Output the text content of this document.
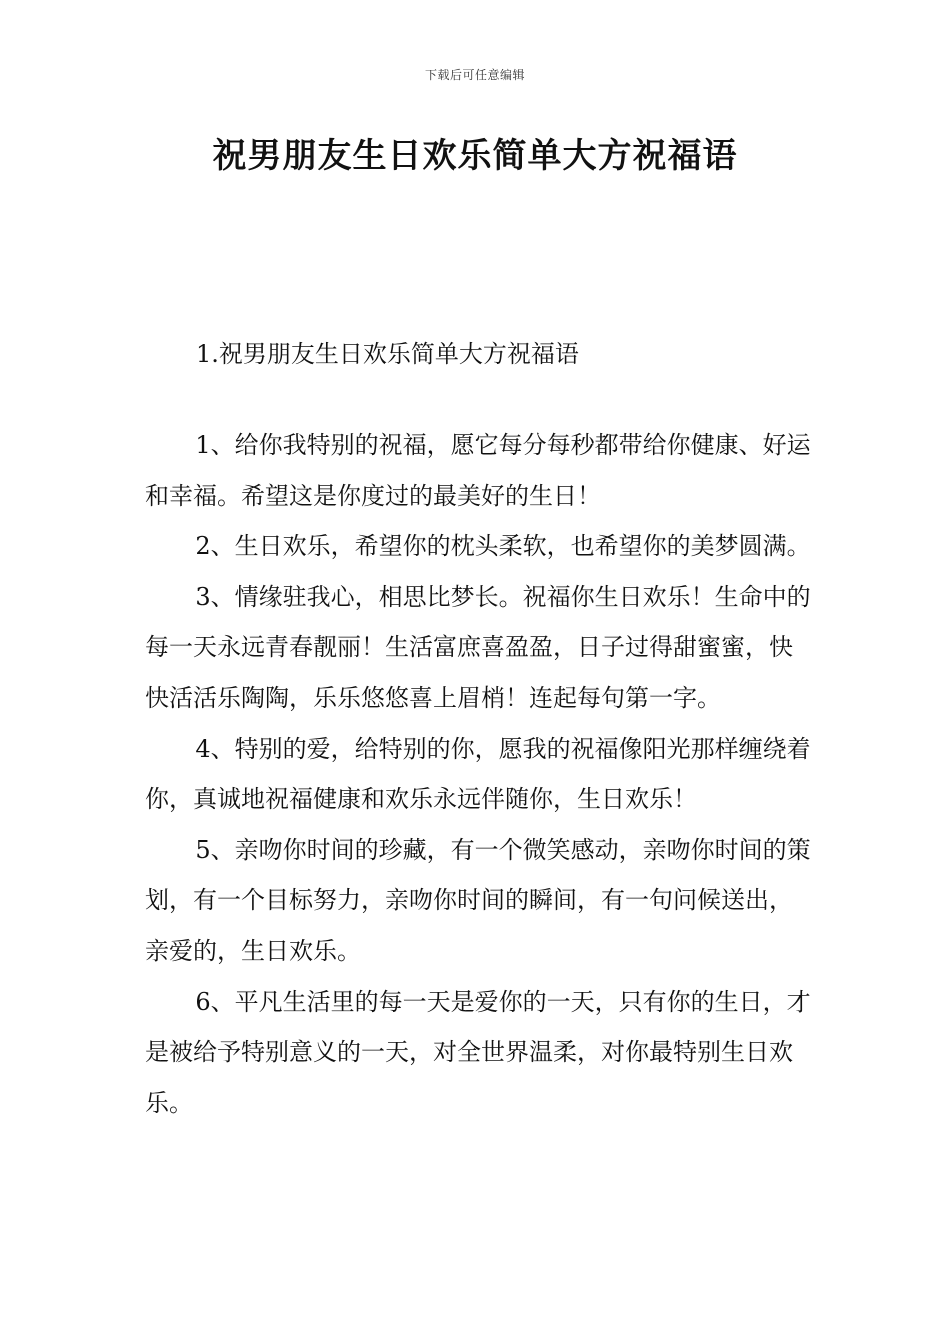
下载后可任意编辑
祝男朋友生日欢乐简单大方祝福语
1.祝男朋友生日欢乐简单大方祝福语

1、给你我特别的祝福，愿它每分每秒都带给你健康、好运和幸福。希望这是你度过的最美好的生日！

2、生日欢乐，希望你的枕头柔软，也希望你的美梦圆满。

3、情缘驻我心，相思比梦长。祝福你生日欢乐！生命中的每一天永远青春靓丽！生活富庶喜盈盈，日子过得甜蜜蜜，快快活活乐陶陶，乐乐悠悠喜上眉梢！连起每句第一字。

4、特别的爱，给特别的你，愿我的祝福像阳光那样缠绕着你，真诚地祝福健康和欢乐永远伴随你，生日欢乐！

5、亲吻你时间的珍藏，有一个微笑感动，亲吻你时间的策划，有一个目标努力，亲吻你时间的瞬间，有一句问候送出，亲爱的，生日欢乐。

6、平凡生活里的每一天是爱你的一天，只有你的生日，才是被给予特别意义的一天，对全世界温柔，对你最特别生日欢乐。
